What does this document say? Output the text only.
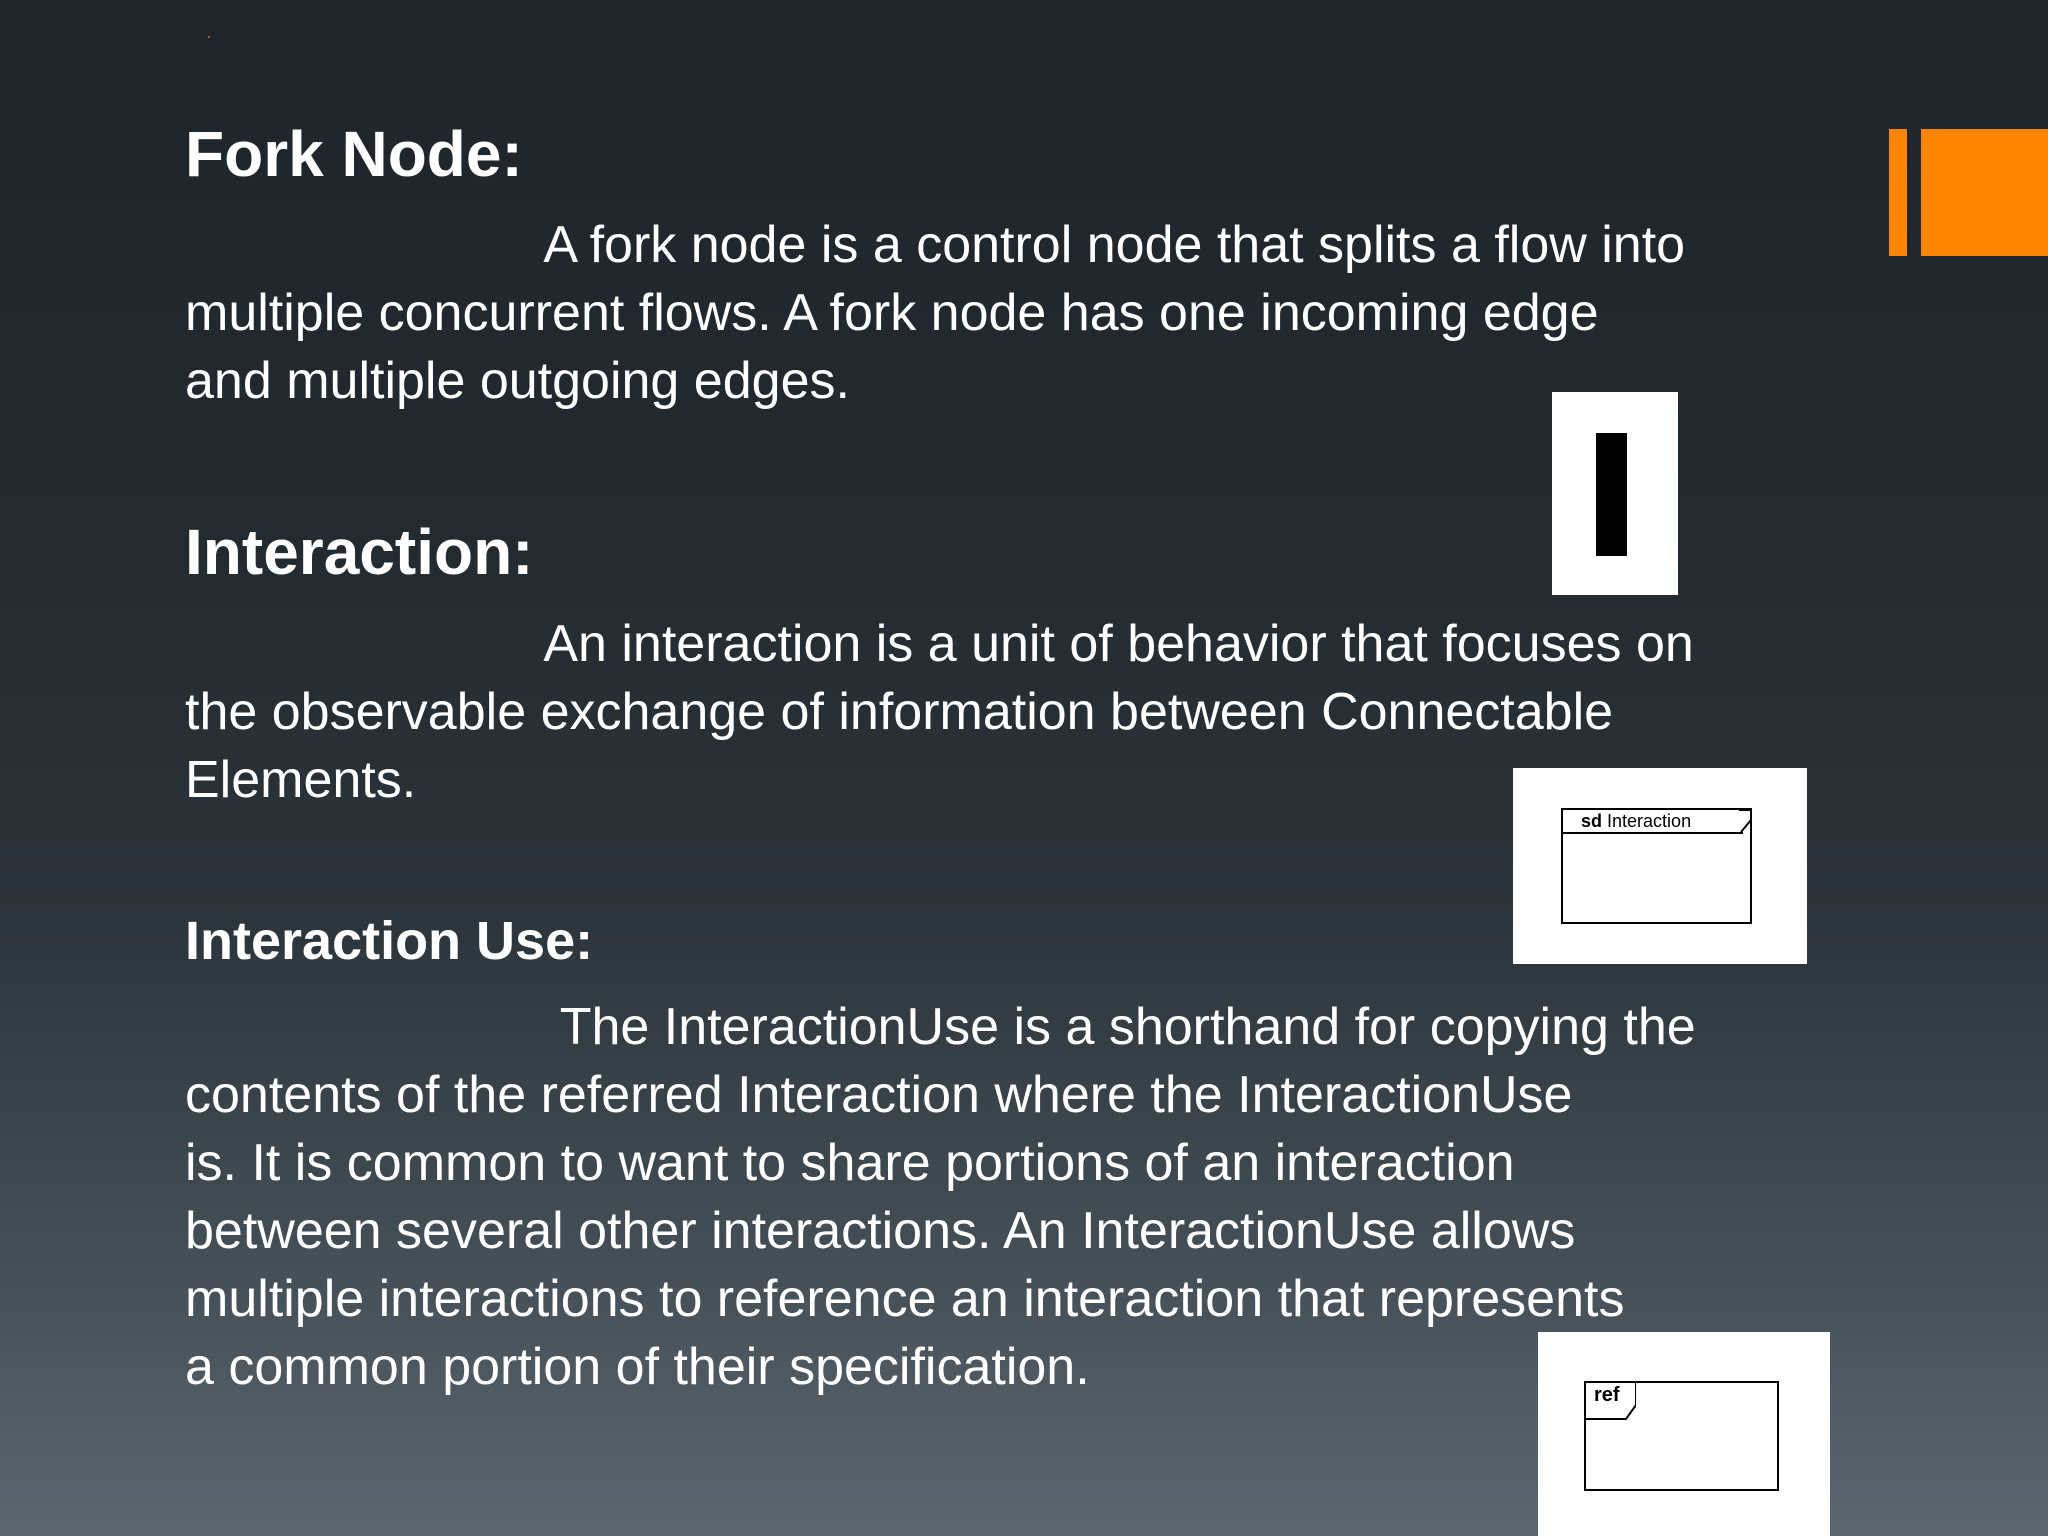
Fork Node:

A fork node is a control node that splits a flow into
multiple concurrent flows. A fork node has one incoming edge
and multiple outgoing edges.

Interaction:

An interaction is a unit of behavior that focuses on
the observable exchange of information between Connectable
Elements.

sd Interaction
Interaction Use:

The InteractionUse is a shorthand for copying the
contents of the referred Interaction where the InteractionUse
is. It is common to want to share portions of an interaction
between several other interactions. An InteractionUse allows
multiple interactions to reference an interaction that represents
a common portion of their specification.	ref
